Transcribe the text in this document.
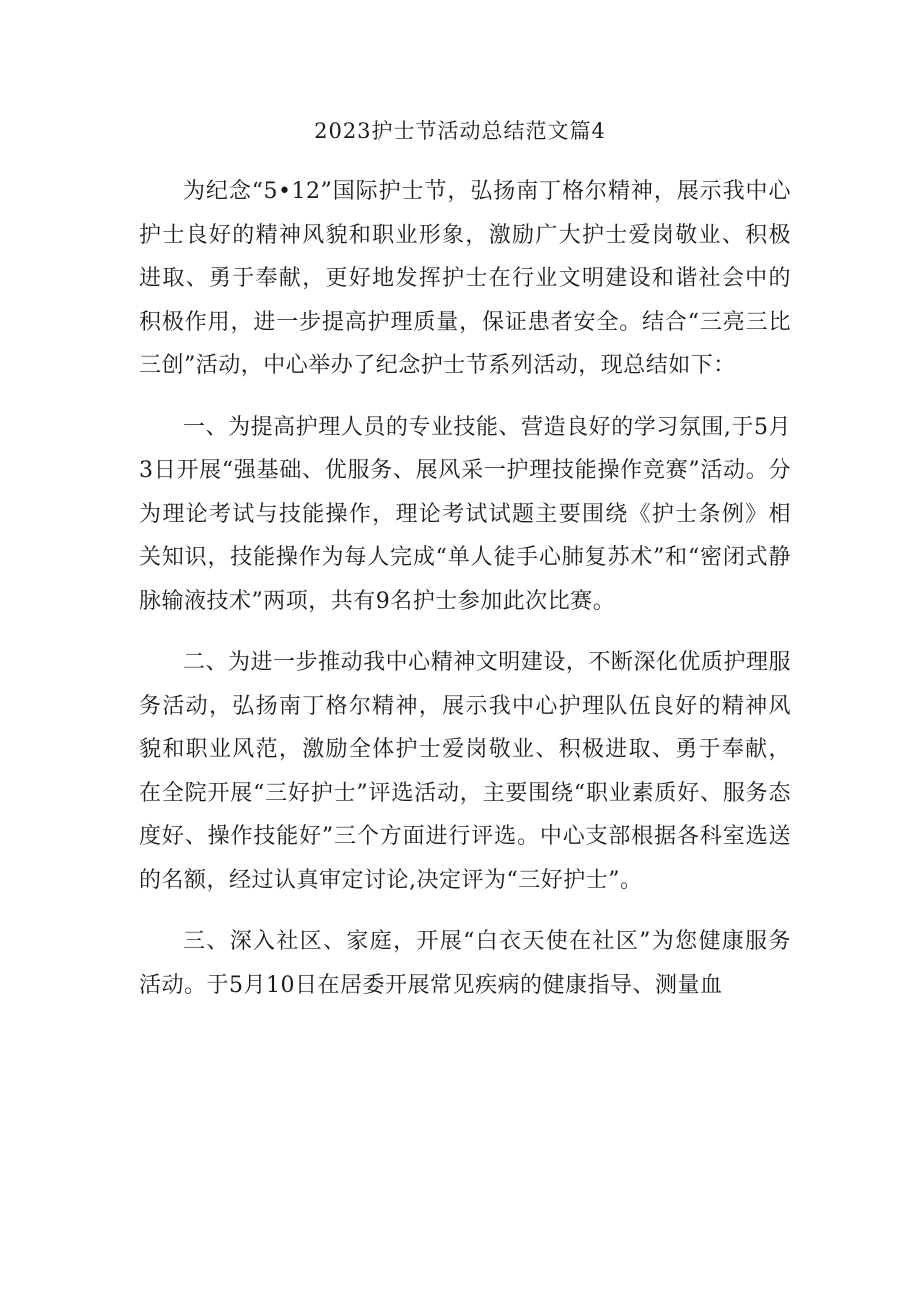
2023护士节活动总结范文篇4

为纪念“5•12”国际护士节，弘扬南丁格尔精神，展示我中心护士良好的精神风貌和职业形象，激励广大护士爱岗敬业、积极进取、勇于奉献，更好地发挥护士在行业文明建设和谐社会中的积极作用，进一步提高护理质量，保证患者安全。结合“三亮三比三创”活动，中心举办了纪念护士节系列活动，现总结如下：

一、为提高护理人员的专业技能、营造良好的学习氛围,于5月3日开展“强基础、优服务、展风采一护理技能操作竞赛”活动。分为理论考试与技能操作，理论考试试题主要围绕《护士条例》相关知识，技能操作为每人完成“单人徒手心肺复苏术”和“密闭式静脉输液技术”两项，共有9名护士参加此次比赛。

二、为进一步推动我中心精神文明建设，不断深化优质护理服务活动，弘扬南丁格尔精神，展示我中心护理队伍良好的精神风貌和职业风范，激励全体护士爱岗敬业、积极进取、勇于奉献，在全院开展“三好护士”评选活动，主要围绕“职业素质好、服务态度好、操作技能好”三个方面进行评选。中心支部根据各科室选送的名额，经过认真审定讨论,决定评为“三好护士”。

三、深入社区、家庭，开展“白衣天使在社区”为您健康服务活动。于5月10日在居委开展常见疾病的健康指导、测量血
